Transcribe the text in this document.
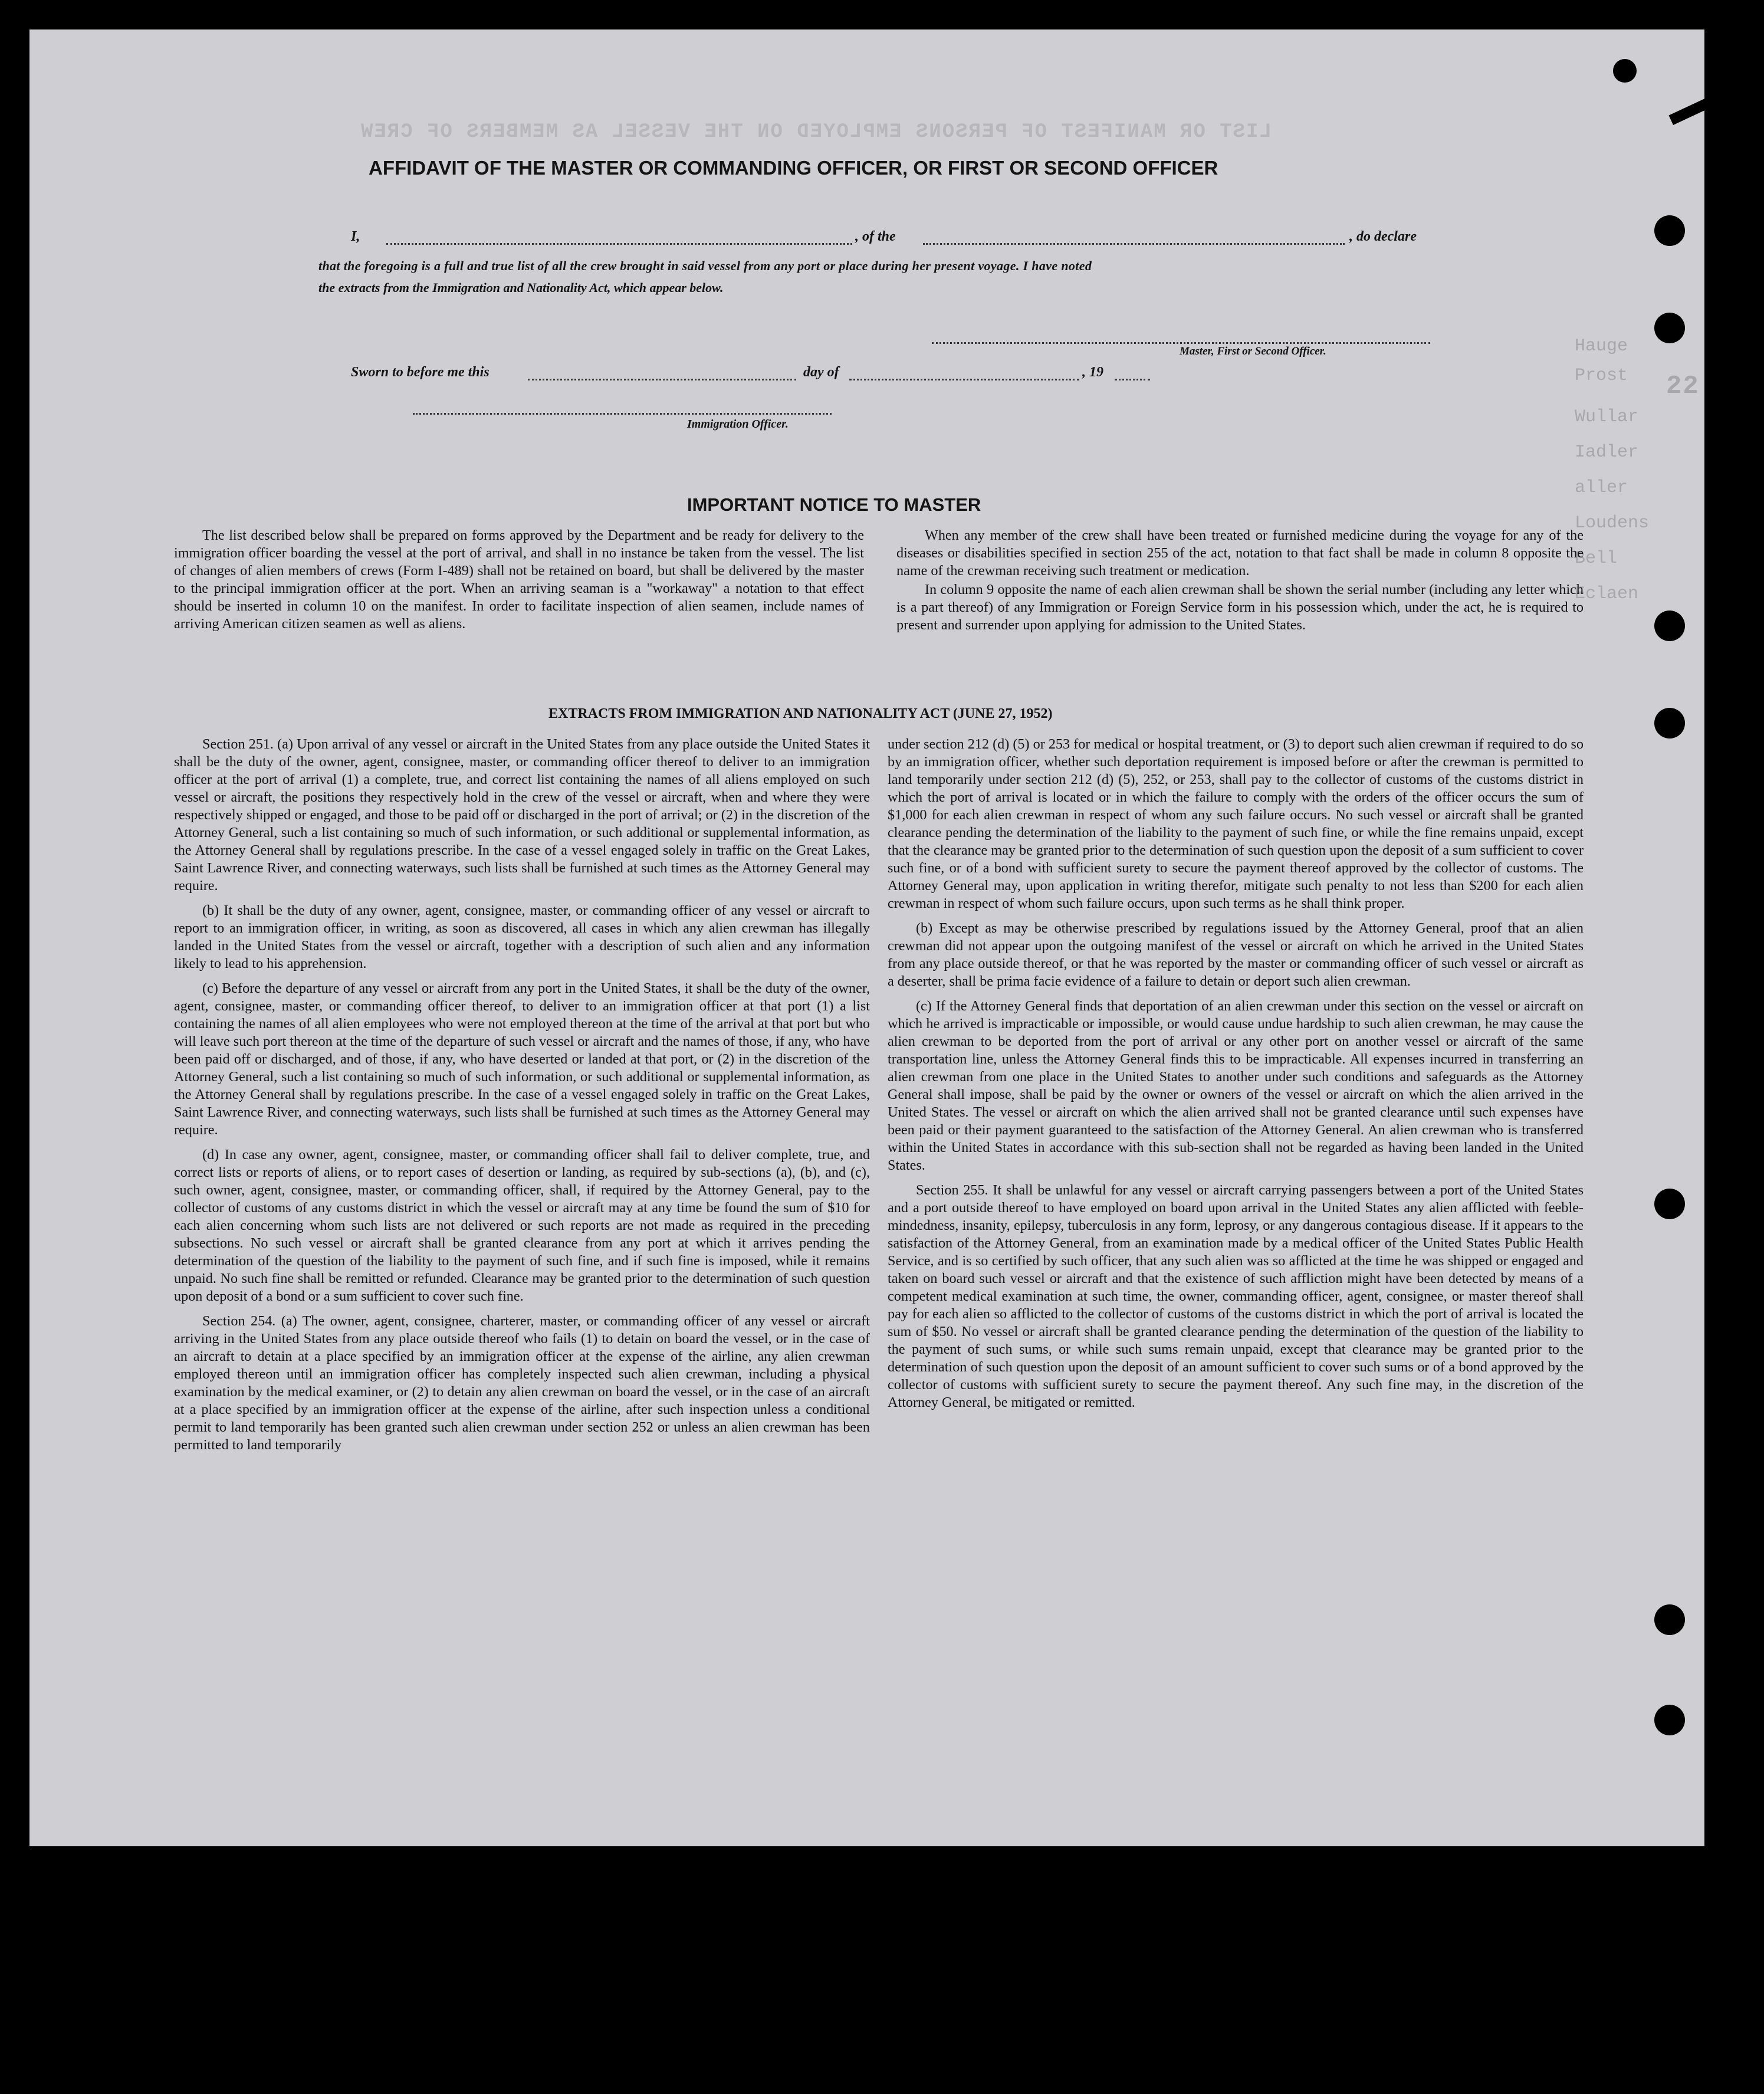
LIST OR MANIFEST OF PERSONS EMPLOYED ON THE VESSEL AS MEMBERS OF CREW
Hauge
Prost
Wullar
Iadler
aller
Loudens
Bell
Eclaen
22
AFFIDAVIT OF THE MASTER OR COMMANDING OFFICER, OR FIRST OR SECOND OFFICER
I,	, of the	, do declare
that the foregoing is a full and true list of all the crew brought in said vessel from any port or place during her present voyage. I have noted
the extracts from the Immigration and Nationality Act, which appear below.
Master, First or Second Officer.
Sworn to before me this	day of	, 19
Immigration Officer.
IMPORTANT NOTICE TO MASTER

The list described below shall be prepared on forms approved by the Department and be ready for delivery to the immigration officer boarding the vessel at the port of arrival, and shall in no instance be taken from the vessel. The list of changes of alien members of crews (Form I-489) shall not be retained on board, but shall be delivered by the master to the principal immigration officer at the port. When an arriving seaman is a "workaway" a notation to that effect should be inserted in column 10 on the manifest. In order to facilitate inspection of alien seamen, include names of arriving American citizen seamen as well as aliens.

When any member of the crew shall have been treated or furnished medicine during the voyage for any of the diseases or disabilities specified in section 255 of the act, notation to that fact shall be made in column 8 opposite the name of the crewman receiving such treatment or medication.

In column 9 opposite the name of each alien crewman shall be shown the serial number (including any letter which is a part thereof) of any Immigration or Foreign Service form in his possession which, under the act, he is required to present and surrender upon applying for admission to the United States.

EXTRACTS FROM IMMIGRATION AND NATIONALITY ACT (JUNE 27, 1952)

Section 251. (a) Upon arrival of any vessel or aircraft in the United States from any place outside the United States it shall be the duty of the owner, agent, consignee, master, or commanding officer thereof to deliver to an immigration officer at the port of arrival (1) a complete, true, and correct list containing the names of all aliens employed on such vessel or aircraft, the positions they respectively hold in the crew of the vessel or aircraft, when and where they were respectively shipped or engaged, and those to be paid off or discharged in the port of arrival; or (2) in the discretion of the Attorney General, such a list containing so much of such information, or such additional or supplemental information, as the Attorney General shall by regulations prescribe. In the case of a vessel engaged solely in traffic on the Great Lakes, Saint Lawrence River, and connecting waterways, such lists shall be furnished at such times as the Attorney General may require.

(b) It shall be the duty of any owner, agent, consignee, master, or commanding officer of any vessel or aircraft to report to an immigration officer, in writing, as soon as discovered, all cases in which any alien crewman has illegally landed in the United States from the vessel or aircraft, together with a description of such alien and any information likely to lead to his apprehension.

(c) Before the departure of any vessel or aircraft from any port in the United States, it shall be the duty of the owner, agent, consignee, master, or commanding officer thereof, to deliver to an immigration officer at that port (1) a list containing the names of all alien employees who were not employed thereon at the time of the arrival at that port but who will leave such port thereon at the time of the departure of such vessel or aircraft and the names of those, if any, who have been paid off or discharged, and of those, if any, who have deserted or landed at that port, or (2) in the discretion of the Attorney General, such a list containing so much of such information, or such additional or supplemental information, as the Attorney General shall by regulations prescribe. In the case of a vessel engaged solely in traffic on the Great Lakes, Saint Lawrence River, and connecting waterways, such lists shall be furnished at such times as the Attorney General may require.

(d) In case any owner, agent, consignee, master, or commanding officer shall fail to deliver complete, true, and correct lists or reports of aliens, or to report cases of desertion or landing, as required by sub-sections (a), (b), and (c), such owner, agent, consignee, master, or commanding officer, shall, if required by the Attorney General, pay to the collector of customs of any customs district in which the vessel or aircraft may at any time be found the sum of $10 for each alien concerning whom such lists are not delivered or such reports are not made as required in the preceding subsections. No such vessel or aircraft shall be granted clearance from any port at which it arrives pending the determination of the question of the liability to the payment of such fine, and if such fine is imposed, while it remains unpaid. No such fine shall be remitted or refunded. Clearance may be granted prior to the determination of such question upon deposit of a bond or a sum sufficient to cover such fine.

Section 254. (a) The owner, agent, consignee, charterer, master, or commanding officer of any vessel or aircraft arriving in the United States from any place outside thereof who fails (1) to detain on board the vessel, or in the case of an aircraft to detain at a place specified by an immigration officer at the expense of the airline, any alien crewman employed thereon until an immigration officer has completely inspected such alien crewman, including a physical examination by the medical examiner, or (2) to detain any alien crewman on board the vessel, or in the case of an aircraft at a place specified by an immigration officer at the expense of the airline, after such inspection unless a conditional permit to land temporarily has been granted such alien crewman under section 252 or unless an alien crewman has been permitted to land temporarily

under section 212 (d) (5) or 253 for medical or hospital treatment, or (3) to deport such alien crewman if required to do so by an immigration officer, whether such deportation requirement is imposed before or after the crewman is permitted to land temporarily under section 212 (d) (5), 252, or 253, shall pay to the collector of customs of the customs district in which the port of arrival is located or in which the failure to comply with the orders of the officer occurs the sum of $1,000 for each alien crewman in respect of whom any such failure occurs. No such vessel or aircraft shall be granted clearance pending the determination of the liability to the payment of such fine, or while the fine remains unpaid, except that the clearance may be granted prior to the determination of such question upon the deposit of a sum sufficient to cover such fine, or of a bond with sufficient surety to secure the payment thereof approved by the collector of customs. The Attorney General may, upon application in writing therefor, mitigate such penalty to not less than $200 for each alien crewman in respect of whom such failure occurs, upon such terms as he shall think proper.

(b) Except as may be otherwise prescribed by regulations issued by the Attorney General, proof that an alien crewman did not appear upon the outgoing manifest of the vessel or aircraft on which he arrived in the United States from any place outside thereof, or that he was reported by the master or commanding officer of such vessel or aircraft as a deserter, shall be prima facie evidence of a failure to detain or deport such alien crewman.

(c) If the Attorney General finds that deportation of an alien crewman under this section on the vessel or aircraft on which he arrived is impracticable or impossible, or would cause undue hardship to such alien crewman, he may cause the alien crewman to be deported from the port of arrival or any other port on another vessel or aircraft of the same transportation line, unless the Attorney General finds this to be impracticable. All expenses incurred in transferring an alien crewman from one place in the United States to another under such conditions and safeguards as the Attorney General shall impose, shall be paid by the owner or owners of the vessel or aircraft on which the alien arrived in the United States. The vessel or aircraft on which the alien arrived shall not be granted clearance until such expenses have been paid or their payment guaranteed to the satisfaction of the Attorney General. An alien crewman who is transferred within the United States in accordance with this sub-section shall not be regarded as having been landed in the United States.

Section 255. It shall be unlawful for any vessel or aircraft carrying passengers between a port of the United States and a port outside thereof to have employed on board upon arrival in the United States any alien afflicted with feeble-mindedness, insanity, epilepsy, tuberculosis in any form, leprosy, or any dangerous contagious disease. If it appears to the satisfaction of the Attorney General, from an examination made by a medical officer of the United States Public Health Service, and is so certified by such officer, that any such alien was so afflicted at the time he was shipped or engaged and taken on board such vessel or aircraft and that the existence of such affliction might have been detected by means of a competent medical examination at such time, the owner, commanding officer, agent, consignee, or master thereof shall pay for each alien so afflicted to the collector of customs of the customs district in which the port of arrival is located the sum of $50. No vessel or aircraft shall be granted clearance pending the determination of the question of the liability to the payment of such sums, or while such sums remain unpaid, except that clearance may be granted prior to the determination of such question upon the deposit of an amount sufficient to cover such sums or of a bond approved by the collector of customs with sufficient surety to secure the payment thereof. Any such fine may, in the discretion of the Attorney General, be mitigated or remitted.
